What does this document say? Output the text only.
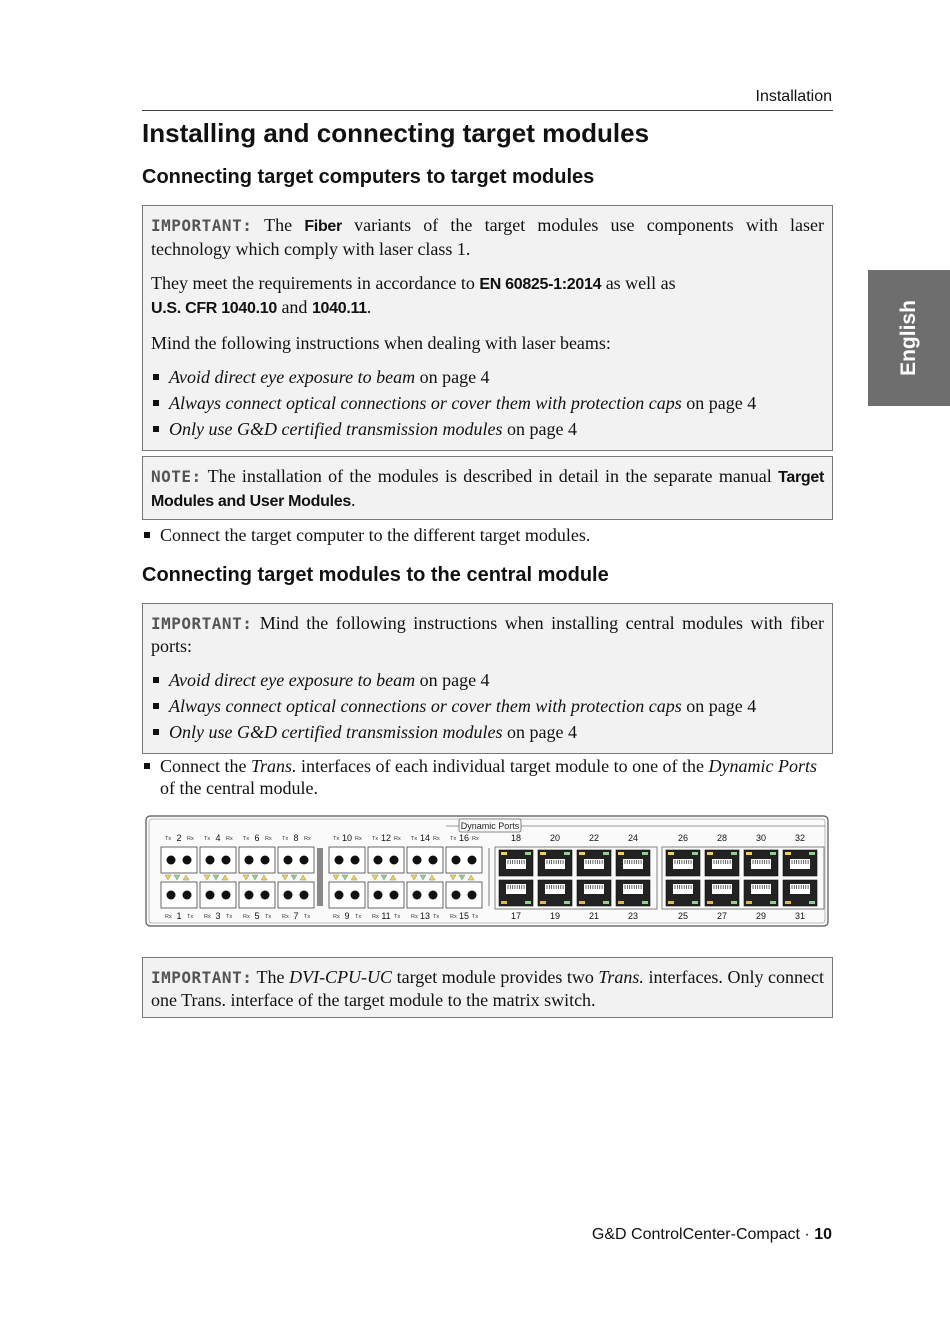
Installation
English
Installing and connecting target modules
Connecting target computers to target modules

IMPORTANT: The Fiber variants of the target modules use components with laser technology which comply with laser class 1.

They meet the requirements in accordance to EN 60825-1:2014 as well as
U.S. CFR 1040.10 and 1040.11.

Mind the following instructions when dealing with laser beams:

Avoid direct eye exposure to beam on page 4
Always connect optical connections or cover them with protection caps on page 4
Only use G&D certified transmission modules on page 4

NOTE: The installation of the modules is described in detail in the separate manual Target Modules and User Modules.

Connect the target computer to the different target modules.
Connecting target modules to the central module

IMPORTANT: Mind the following instructions when installing central modules with fiber ports:

Avoid direct eye exposure to beam on page 4
Always connect optical connections or cover them with protection caps on page 4
Only use G&D certified transmission modules on page 4
Connect the Trans. interfaces of each individual target module to one of the Dynamic Ports of the central module.
Dynamic Ports
Tx 2 Rx
Rx 1 Tx
Tx 4 Rx
Rx 3 Tx
Tx 6 Rx
Rx 5 Tx
Tx 8 Rx
Rx 7 Tx
Tx 10 Rx
Rx 9 Tx
Tx 12 Rx
Rx 11 Tx
Tx 14 Rx
Rx 13 Tx
Tx 16 Rx
Rx 15 Tx
18
17
20
19
22
21
24
23
26
25
28
27
30
29
32
31

IMPORTANT: The DVI-CPU-UC target module provides two Trans. interfaces. Only connect one Trans. interface of the target module to the matrix switch.

G&D ControlCenter-Compact · 10
